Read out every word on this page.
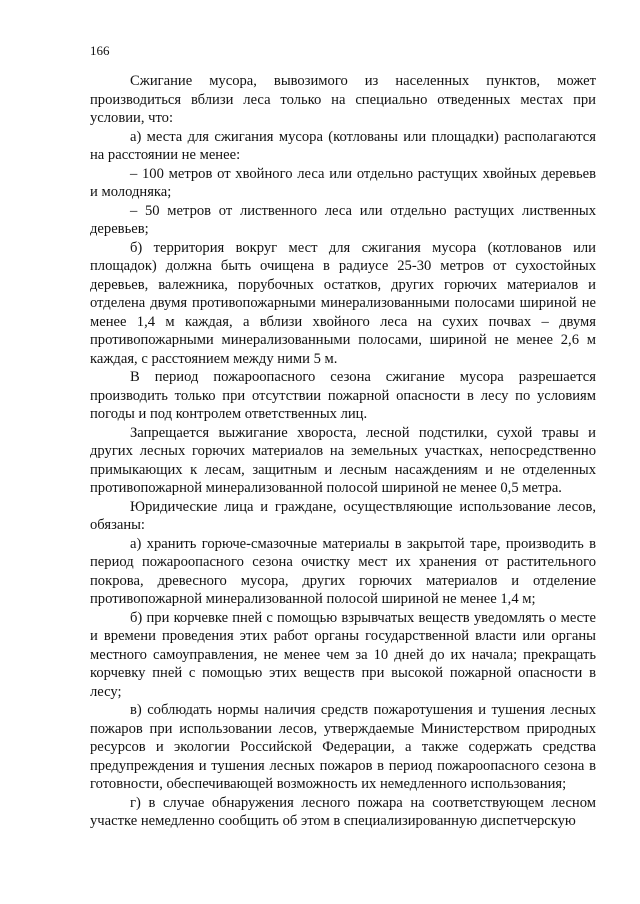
166

Сжигание мусора, вывозимого из населенных пунктов, может производиться вблизи леса только на специально отведенных местах при условии, что:

а) места для сжигания мусора (котлованы или площадки) располагаются на расстоянии не менее:

– 100 метров от хвойного леса или отдельно растущих хвойных деревьев и молодняка;

– 50 метров от лиственного леса или отдельно растущих лиственных деревьев;

б) территория вокруг мест для сжигания мусора (котлованов или площадок) должна быть очищена в радиусе 25-30 метров от сухостойных деревьев, валежника, порубочных остатков, других горючих материалов и отделена двумя противопожарными минерализованными полосами шириной не менее 1,4 м каждая, а вблизи хвойного леса на сухих почвах – двумя противопожарными минерализованными полосами, шириной не менее 2,6 м каждая, с расстоянием между ними 5 м.

В период пожароопасного сезона сжигание мусора разрешается производить только при отсутствии пожарной опасности в лесу по условиям погоды и под контролем ответственных лиц.

Запрещается выжигание хвороста, лесной подстилки, сухой травы и других лесных горючих материалов на земельных участках, непосредственно примыкающих к лесам, защитным и лесным насаждениям и не отделенных противопожарной минерализованной полосой шириной не менее 0,5 метра.

Юридические лица и граждане, осуществляющие использование лесов, обязаны:

а) хранить горюче-смазочные материалы в закрытой таре, производить в период пожароопасного сезона очистку мест их хранения от растительного покрова, древесного мусора, других горючих материалов и отделение противопожарной минерализованной полосой шириной не менее 1,4 м;

б) при корчевке пней с помощью взрывчатых веществ уведомлять о месте и времени проведения этих работ органы государственной власти или органы местного самоуправления, не менее чем за 10 дней до их начала; прекращать корчевку пней с помощью этих веществ при высокой пожарной опасности в лесу;

в) соблюдать нормы наличия средств пожаротушения и тушения лесных пожаров при использовании лесов, утверждаемые Министерством природных ресурсов и экологии Российской Федерации, а также содержать средства предупреждения и тушения лесных пожаров в период пожароопасного сезона в готовности, обеспечивающей возможность их немедленного использования;

г) в случае обнаружения лесного пожара на соответствующем лесном участке немедленно сообщить об этом в специализированную диспетчерскую
